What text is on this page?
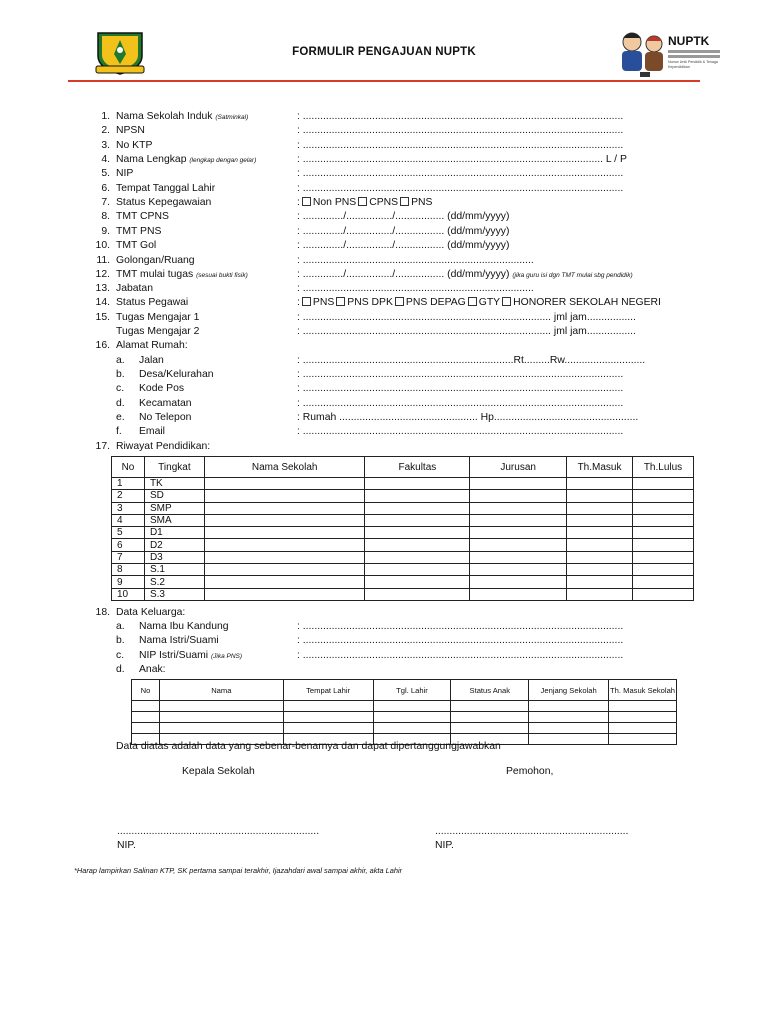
FORMULIR PENGAJUAN NUPTK
NUPTK
Nomor Unik Pendidik & Tenaga Kependidikan
1. Nama Sekolah Induk (Satminkal)	: ...............................................................................................................
2. NPSN	: ...............................................................................................................
3. No KTP	: ...............................................................................................................
4. Nama Lengkap (lengkap dengan gelar)	: ........................................................................................................ L / P
5. NIP	: ...............................................................................................................
6. Tempat Tanggal Lahir	: ...............................................................................................................
7. Status Kepegawaian	: Non PNS CPNS PNS
8. TMT CPNS	: ............../................/................. (dd/mm/yyyy)
9. TMT PNS	: ............../................/................. (dd/mm/yyyy)
10. TMT Gol	: ............../................/................. (dd/mm/yyyy)
11. Golongan/Ruang	: ................................................................................
12. TMT mulai tugas (sesuai bukti fisik)	: ............../................/................. (dd/mm/yyyy) (jika guru isi dgn TMT mulai sbg pendidik)
13. Jabatan	: ................................................................................
14. Status Pegawai	: PNS PNS DPK PNS DEPAG GTY HONORER SEKOLAH NEGERI
15. Tugas Mengajar 1	: ...................................................................................... jml jam.................
Tugas Mengajar 2	: ...................................................................................... jml jam.................
16. Alamat Rumah:
a.	Jalan	: .........................................................................Rt.........Rw............................
b.	Desa/Kelurahan	: ...............................................................................................................
c.	Kode Pos	: ...............................................................................................................
d.	Kecamatan	: ...............................................................................................................
e.	No Telepon	: Rumah ................................................ Hp..................................................
f.	Email	: ...............................................................................................................
17. Riwayat Pendidikan:
No	Tingkat	Nama Sekolah	Fakultas	Jurusan	Th.Masuk	Th.Lulus
1	TK					
2	SD					
3	SMP					
4	SMA					
5	D1					
6	D2					
7	D3					
8	S.1					
9	S.2					
10	S.3					
18. Data Keluarga:
a.	Nama Ibu Kandung	: ...............................................................................................................
b.	Nama Istri/Suami	: ...............................................................................................................
c.	NIP Istri/Suami (Jika PNS)	: ...............................................................................................................
d.	Anak:
No	Nama	Tempat Lahir	Tgl. Lahir	Status Anak	Jenjang Sekolah	Th. Masuk Sekolah

Data diatas adalah data yang sebenar-benarnya dan dapat dipertanggungjawabkan
Kepala Sekolah	Pemohon,
......................................................................	...................................................................
NIP.	NIP.
*Harap lampirkan Salinan KTP, SK pertama sampai terakhir, Ijazahdari awal sampai akhir, akta Lahir
